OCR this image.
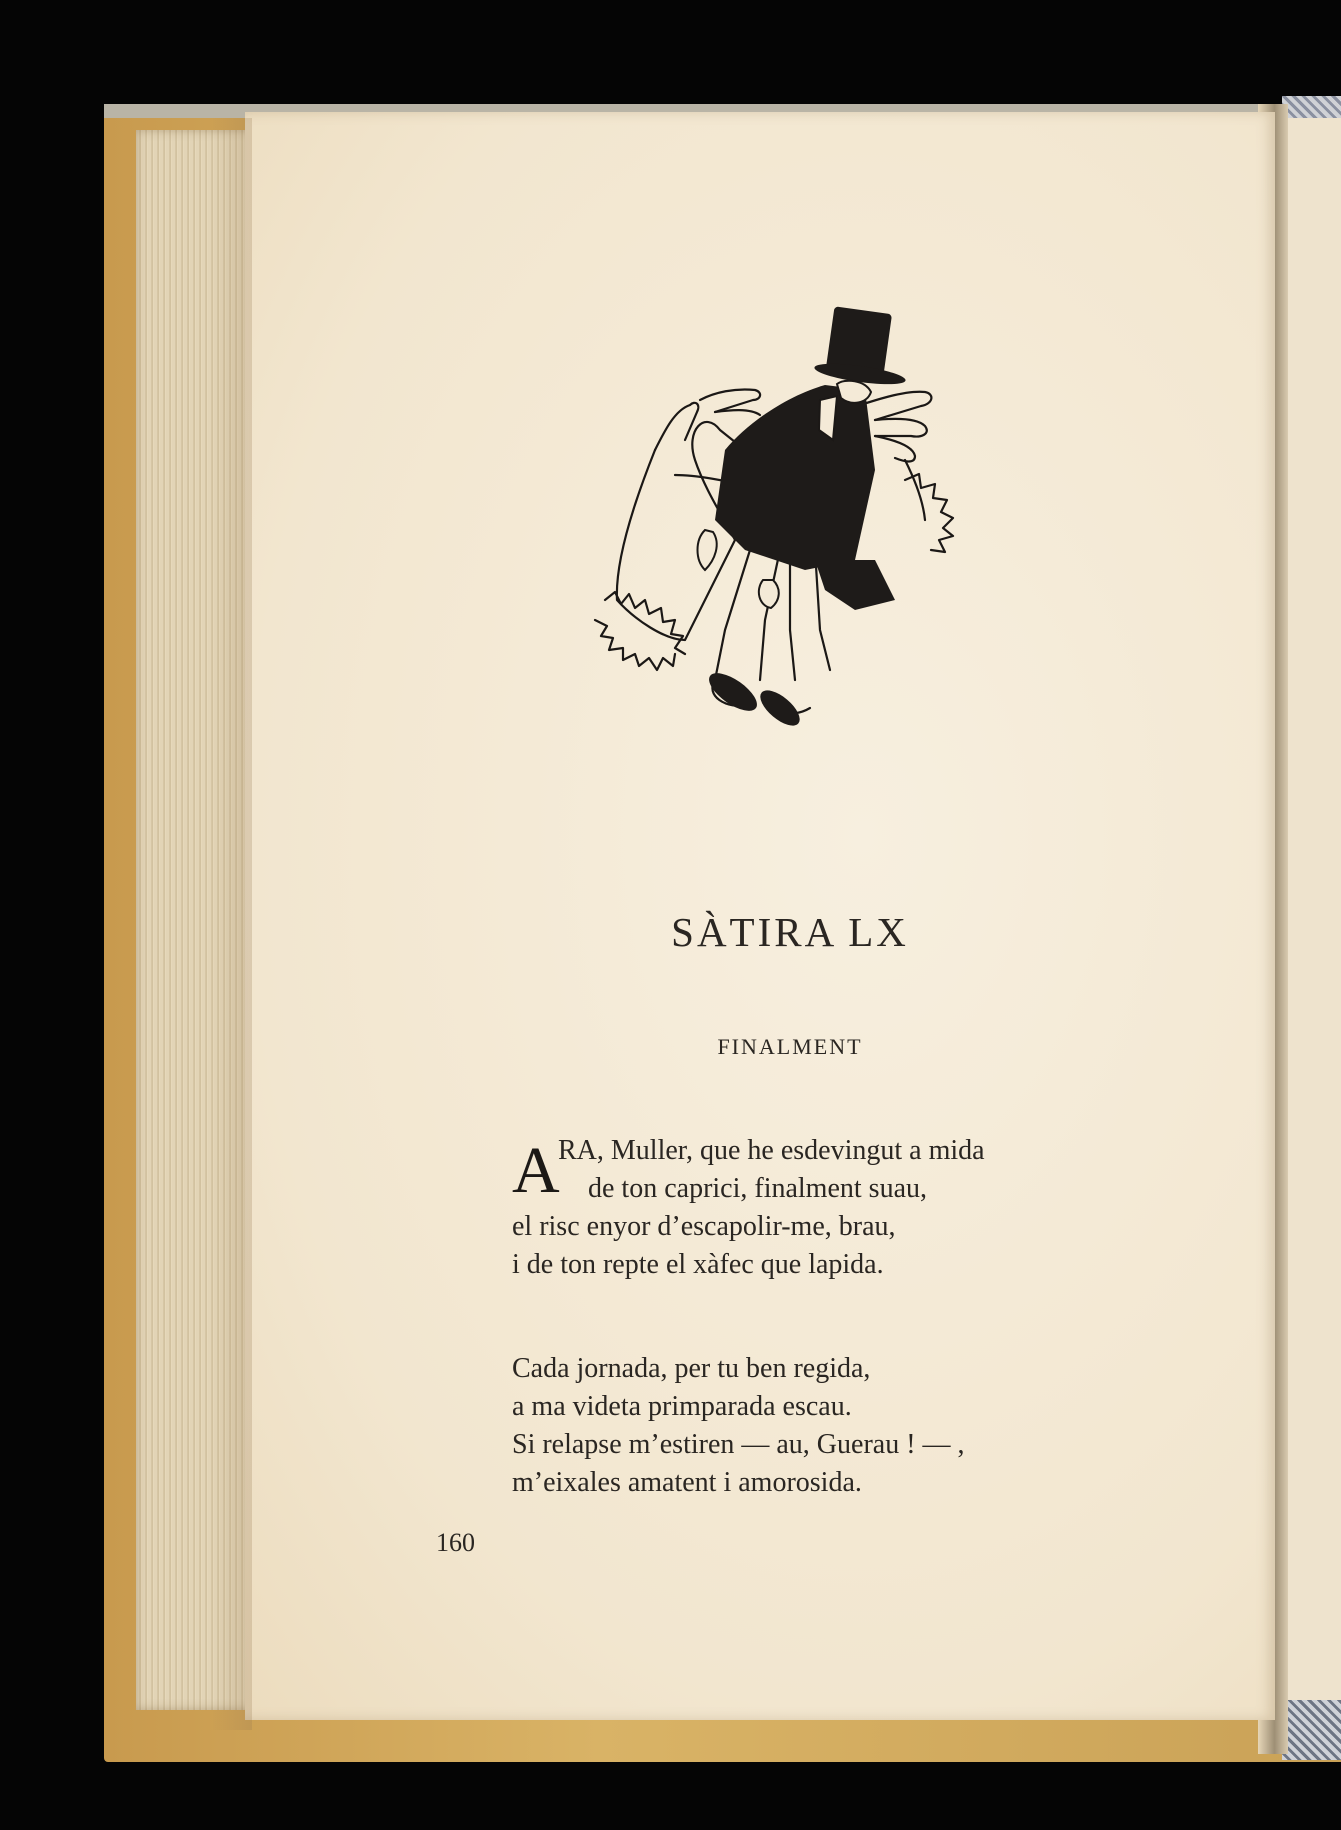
SÀTIRA LX
FINALMENT
A
RA, Muller, que he esdevingut a mida
de ton caprici, finalment suau,
el risc enyor d’escapolir-me, brau,
i de ton repte el xàfec que lapida.
Cada jornada, per tu ben regida,
a ma videta primparada escau.
Si relapse m’estiren — au, Guerau ! — ,
m’eixales amatent i amorosida.
160
